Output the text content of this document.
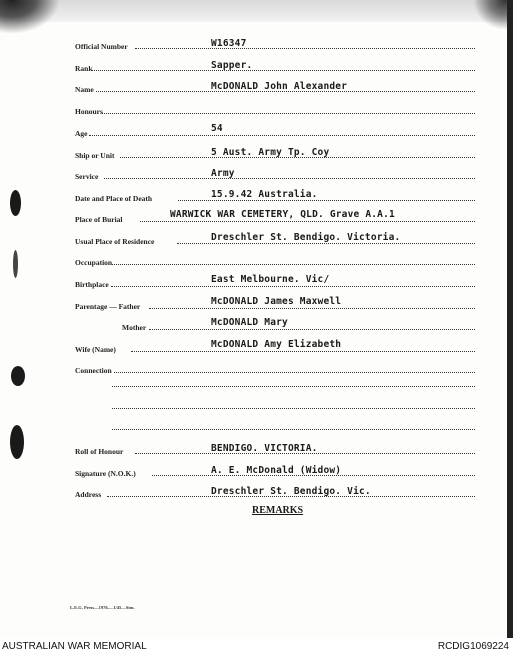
Official Number	W16347
Rank	Sapper.
Name	McDONALD John Alexander
Honours
Age	54
Ship or Unit	5 Aust. Army Tp. Coy
Service	Army
Date and Place of Death	15.9.42 Australia.
Place of Burial	WARWICK WAR CEMETERY, QLD. Grave A.A.1
Usual Place of Residence	Dreschler St. Bendigo. Victoria.
Occupation
Birthplace	East Melbourne. Vic/
Parentage — Father	McDONALD James Maxwell
Mother	McDONALD Mary
Wife (Name)	McDONALD Amy Elizabeth
Connection
Roll of Honour	BENDIGO. VICTORIA.
Signature (N.O.K.)	A. E. McDonald (Widow)
Address	Dreschler St. Bendigo. Vic.
REMARKS
L.E.G. Press—1976.—1/45—Stm.
AUSTRALIAN WAR MEMORIAL	RCDIG1069224
